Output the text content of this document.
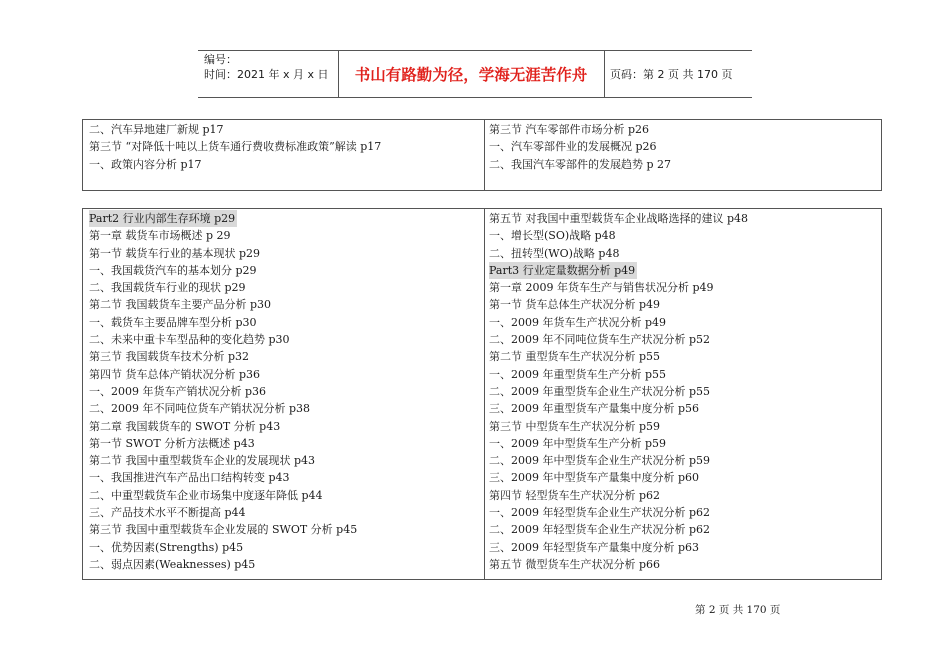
编号：
时间：2021 年 x 月 x 日	书山有路勤为径，学海无涯苦作舟	页码：第 2 页 共 170 页
二、汽车异地建厂新规 p17
第三节 “对降低十吨以上货车通行费收费标准政策”解读 p17
一、政策内容分析 p17
第三节 汽车零部件市场分析 p26
一、汽车零部件业的发展概况 p26
二、我国汽车零部件的发展趋势 p 27
Part2 行业内部生存环境 p29
第一章 载货车市场概述 p 29
第一节 载货车行业的基本现状 p29
一、我国载货汽车的基本划分 p29
二、我国载货车行业的现状 p29
第二节 我国载货车主要产品分析 p30
一、载货车主要品牌车型分析 p30
二、未来中重卡车型品种的变化趋势 p30
第三节 我国载货车技术分析 p32
第四节 货车总体产销状况分析 p36
一、2009 年货车产销状况分析 p36
二、2009 年不同吨位货车产销状况分析 p38
第二章 我国载货车的 SWOT 分析 p43
第一节 SWOT 分析方法概述 p43
第二节 我国中重型载货车企业的发展现状 p43
一、我国推进汽车产品出口结构转变 p43
二、中重型载货车企业市场集中度逐年降低 p44
三、产品技术水平不断提高 p44
第三节 我国中重型载货车企业发展的 SWOT 分析 p45
一、优势因素(Strengths) p45
二、弱点因素(Weaknesses) p45
第五节 对我国中重型载货车企业战略选择的建议 p48
一、增长型(SO)战略 p48
二、扭转型(WO)战略 p48
Part3 行业定量数据分析 p49
第一章 2009 年货车生产与销售状况分析 p49
第一节 货车总体生产状况分析 p49
一、2009 年货车生产状况分析 p49
二、2009 年不同吨位货车生产状况分析 p52
第二节 重型货车生产状况分析 p55
一、2009 年重型货车生产分析 p55
二、2009 年重型货车企业生产状况分析 p55
三、2009 年重型货车产量集中度分析 p56
第三节 中型货车生产状况分析 p59
一、2009 年中型货车生产分析 p59
二、2009 年中型货车企业生产状况分析 p59
三、2009 年中型货车产量集中度分析 p60
第四节 轻型货车生产状况分析 p62
一、2009 年轻型货车企业生产状况分析 p62
二、2009 年轻型货车企业生产状况分析 p62
三、2009 年轻型货车产量集中度分析 p63
第五节 微型货车生产状况分析 p66
第 2 页 共 170 页
